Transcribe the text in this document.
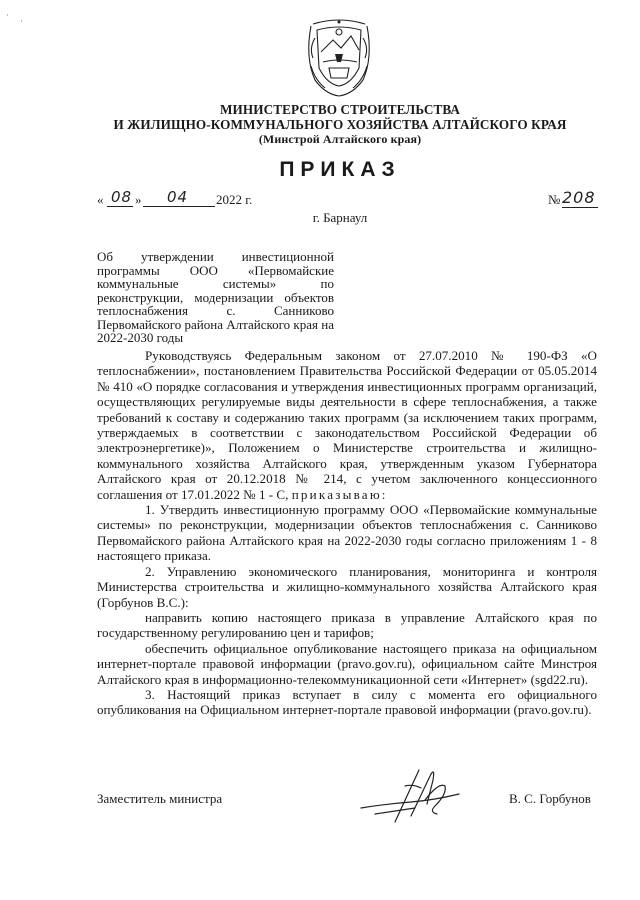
·
·
МИНИСТЕРСТВО СТРОИТЕЛЬСТВА
И ЖИЛИЩНО-КОММУНАЛЬНОГО ХОЗЯЙСТВА АЛТАЙСКОГО КРАЯ
(Минстрой Алтайского края)
ПРИКАЗ
« 08 » 04 2022 г.	№ 208
г. Барнаул
Об утверждении инвестиционной программы ООО «Первомайские коммунальные системы» по реконструкции, модернизации объектов теплоснабжения с. Санниково Первомайского района Алтайского края на 2022-2030 годы

Руководствуясь Федеральным законом от 27.07.2010 № 190-ФЗ «О теплоснабжении», постановлением Правительства Российской Федерации от 05.05.2014 № 410 «О порядке согласования и утверждения инвестиционных программ организаций, осуществляющих регулируемые виды деятельности в сфере теплоснабжения, а также требований к составу и содержанию таких программ (за исключением таких программ, утверждаемых в соответствии с законодательством Российской Федерации об электроэнергетике)», Положением о Министерстве строительства и жилищно-коммунального хозяйства Алтайского края, утвержденным указом Губернатора Алтайского края от 20.12.2018 № 214, с учетом заключенного концессионного соглашения от 17.01.2022 № 1 - С, приказываю:

1. Утвердить инвестиционную программу ООО «Первомайские коммунальные системы» по реконструкции, модернизации объектов теплоснабжения с. Санниково Первомайского района Алтайского края на 2022-2030 годы согласно приложениям 1 - 8 настоящего приказа.

2. Управлению экономического планирования, мониторинга и контроля Министерства строительства и жилищно-коммунального хозяйства Алтайского края (Горбунов В.С.):

направить копию настоящего приказа в управление Алтайского края по государственному регулированию цен и тарифов;

обеспечить официальное опубликование настоящего приказа на официальном интернет-портале правовой информации (pravo.gov.ru), официальном сайте Минстроя Алтайского края в информационно-телекоммуникационной сети «Интернет» (sgd22.ru).

3. Настоящий приказ вступает в силу с момента его официального опубликования на Официальном интернет-портале правовой информации (pravo.gov.ru).

Заместитель министра	В. С. Горбунов
